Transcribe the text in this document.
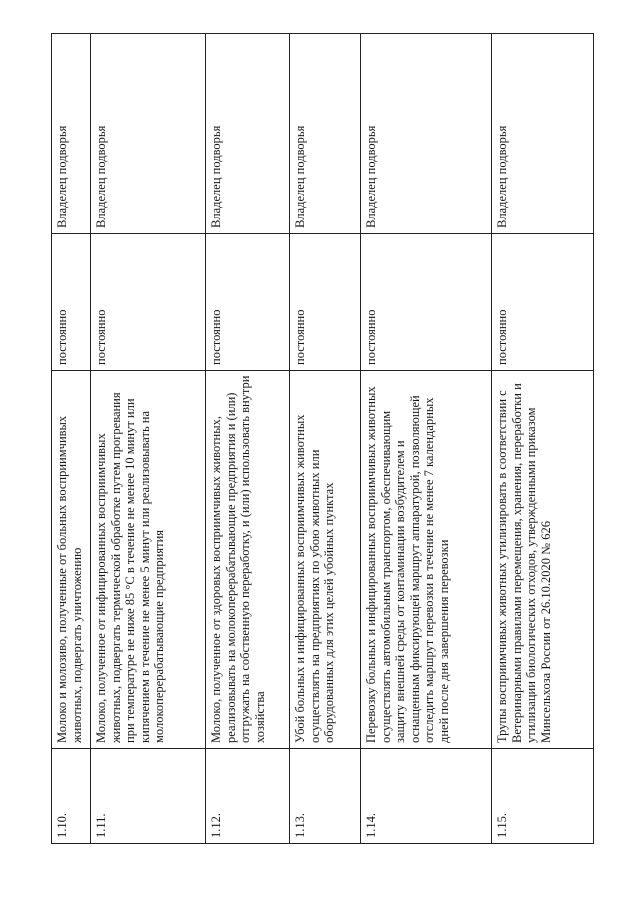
1.10.	Молоко и молозиво, полученные от больных восприимчивых животных, подвергать уничтожению	постоянно	Владелец подворья
1.11.	Молоко, полученное от инфицированных восприимчивых животных, подвергать термической обработке путем прогревания при температуре не ниже 85 °С в течение не менее 10 минут или кипячением в течение не менее 5 минут или реализовывать на молокоперерабатывающие предприятия	постоянно	Владелец подворья
1.12.	Молоко, полученное от здоровых восприимчивых животных, реализовывать на молокоперерабатывающие предприятия и (или) отгружать на собственную переработку, и (или) использовать внутри хозяйства	постоянно	Владелец подворья
1.13.	Убой больных и инфицированных восприимчивых животных осуществлять на предприятиях по убою животных или оборудованных для этих целей убойных пунктах	постоянно	Владелец подворья
1.14.	Перевозку больных и инфицированных восприимчивых животных осуществлять автомобильным транспортом, обеспечивающим защиту внешней среды от контаминации возбудителем и оснащенным фиксирующей маршрут аппаратурой, позволяющей отследить маршрут перевозки в течение не менее 7 календарных дней после дня завершения перевозки	постоянно	Владелец подворья
1.15.	Трупы восприимчивых животных утилизировать в соответствии с Ветеринарными правилами перемещения, хранения, переработки и утилизации биологических отходов, утвержденными приказом Минсельхоза России от 26.10.2020 № 626	постоянно	Владелец подворья
